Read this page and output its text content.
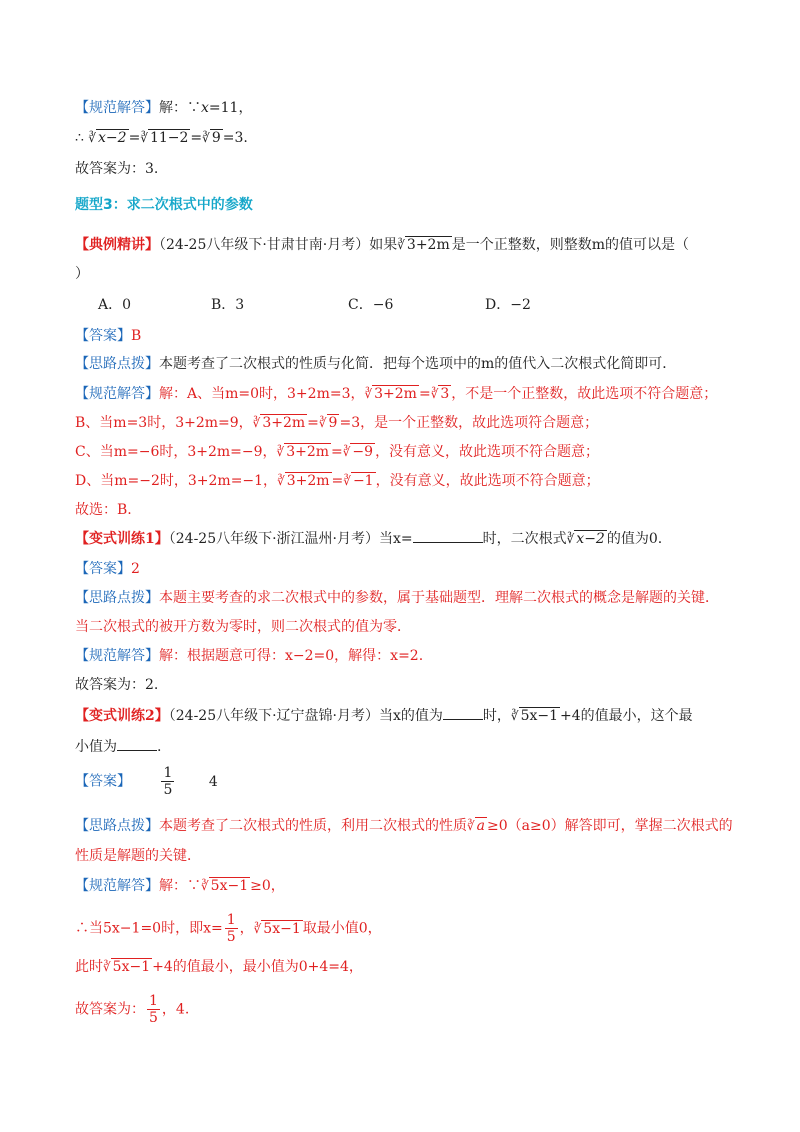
【规范解答】解：∵x=11，
∴ ∛ x−2 =∛ 11−2 =∛ 9 =3.
故答案为：3.
题型3：求二次根式中的参数
【典例精讲】（24-25八年级下·甘肃甘南·月考）如果∛ 3+2m 是一个正整数，则整数m的值可以是（
）
A．0	B．3	C．−6	D．−2
【答案】B
【思路点拨】本题考查了二次根式的性质与化简．把每个选项中的m的值代入二次根式化简即可．
【规范解答】解：A、当m=0时，3+2m=3，∛ 3+2m =∛ 3 ，不是一个正整数，故此选项不符合题意；
B、当m=3时，3+2m=9，∛ 3+2m =∛ 9 =3，是一个正整数，故此选项符合题意；
C、当m=−6时，3+2m=−9，∛ 3+2m =∛ −9 ，没有意义，故此选项不符合题意；
D、当m=−2时，3+2m=−1，∛ 3+2m =∛ −1 ，没有意义，故此选项不符合题意；
故选：B.
【变式训练1】（24-25八年级下·浙江温州·月考）当x=	时，二次根式∛ x−2 的值为0.
【答案】2
【思路点拨】本题主要考查的求二次根式中的参数，属于基础题型．理解二次根式的概念是解题的关键．
当二次根式的被开方数为零时，则二次根式的值为零．
【规范解答】解：根据题意可得：x−2=0，解得：x=2.
故答案为：2.
【变式训练2】（24-25八年级下·辽宁盘锦·月考）当x的值为	时，∛ 5x−1 +4的值最小，这个最
小值为	.
【答案】 $\frac{1}{5} 4$
【思路点拨】本题考查了二次根式的性质，利用二次根式的性质∛ a ≥0（a≥0）解答即可，掌握二次根式的
性质是解题的关键．
【规范解答】解：∵∛ 5x−1 ≥0，
∴当5x−1=0时，即$x= \frac{1}{5}$ ，∛ 5x−1 取最小值0，
此时∛ 5x−1 +4的值最小，最小值为0+4=4，
故答案为： $\frac{1}{5}$ ，4.
